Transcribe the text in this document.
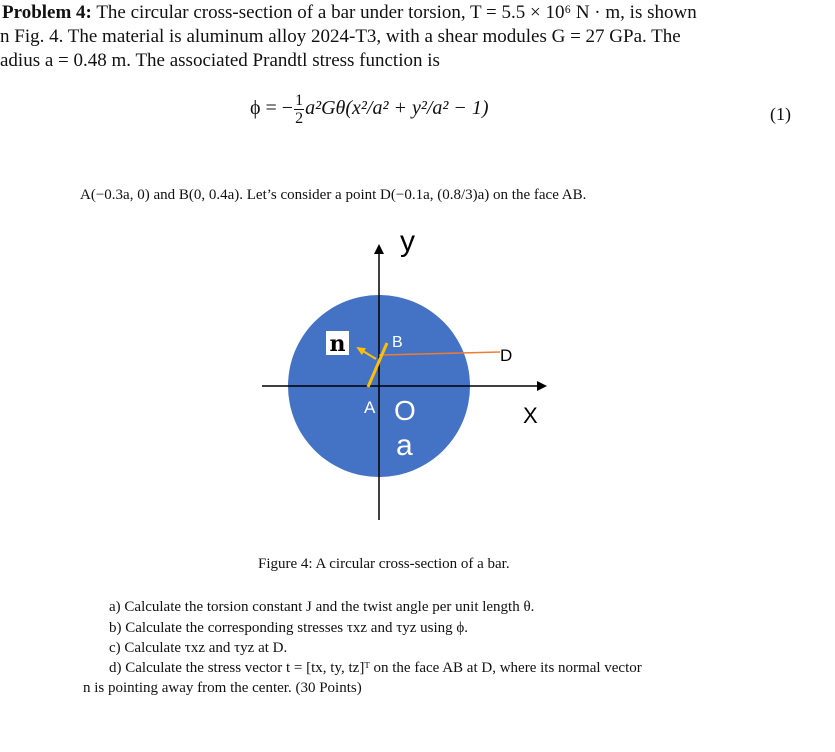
Problem 4: The circular cross-section of a bar under torsion, T = 5.5 × 10⁶ N · m, is shown
n Fig. 4. The material is aluminum alloy 2024-T3, with a shear modules G = 27 GPa. The
adius a = 0.48 m. The associated Prandtl stress function is
ϕ = − $\frac{1}{2} a^2G\theta(x^2/a^2 + y^2/a^2 - 1)$	(1)
A(−0.3a, 0) and B(0, 0.4a). Let’s consider a point D(−0.1a, (0.8/3)a) on the face AB.
n	B
D
A O
a
y
X
Figure 4: A circular cross-section of a bar.
a) Calculate the torsion constant J and the twist angle per unit length θ.
b) Calculate the corresponding stresses τxz and τyz using ϕ.
c) Calculate τxz and τyz at D.
d) Calculate the stress vector t = [tx, ty, tz]ᵀ on the face AB at D, where its normal vector
n is pointing away from the center. (30 Points)
